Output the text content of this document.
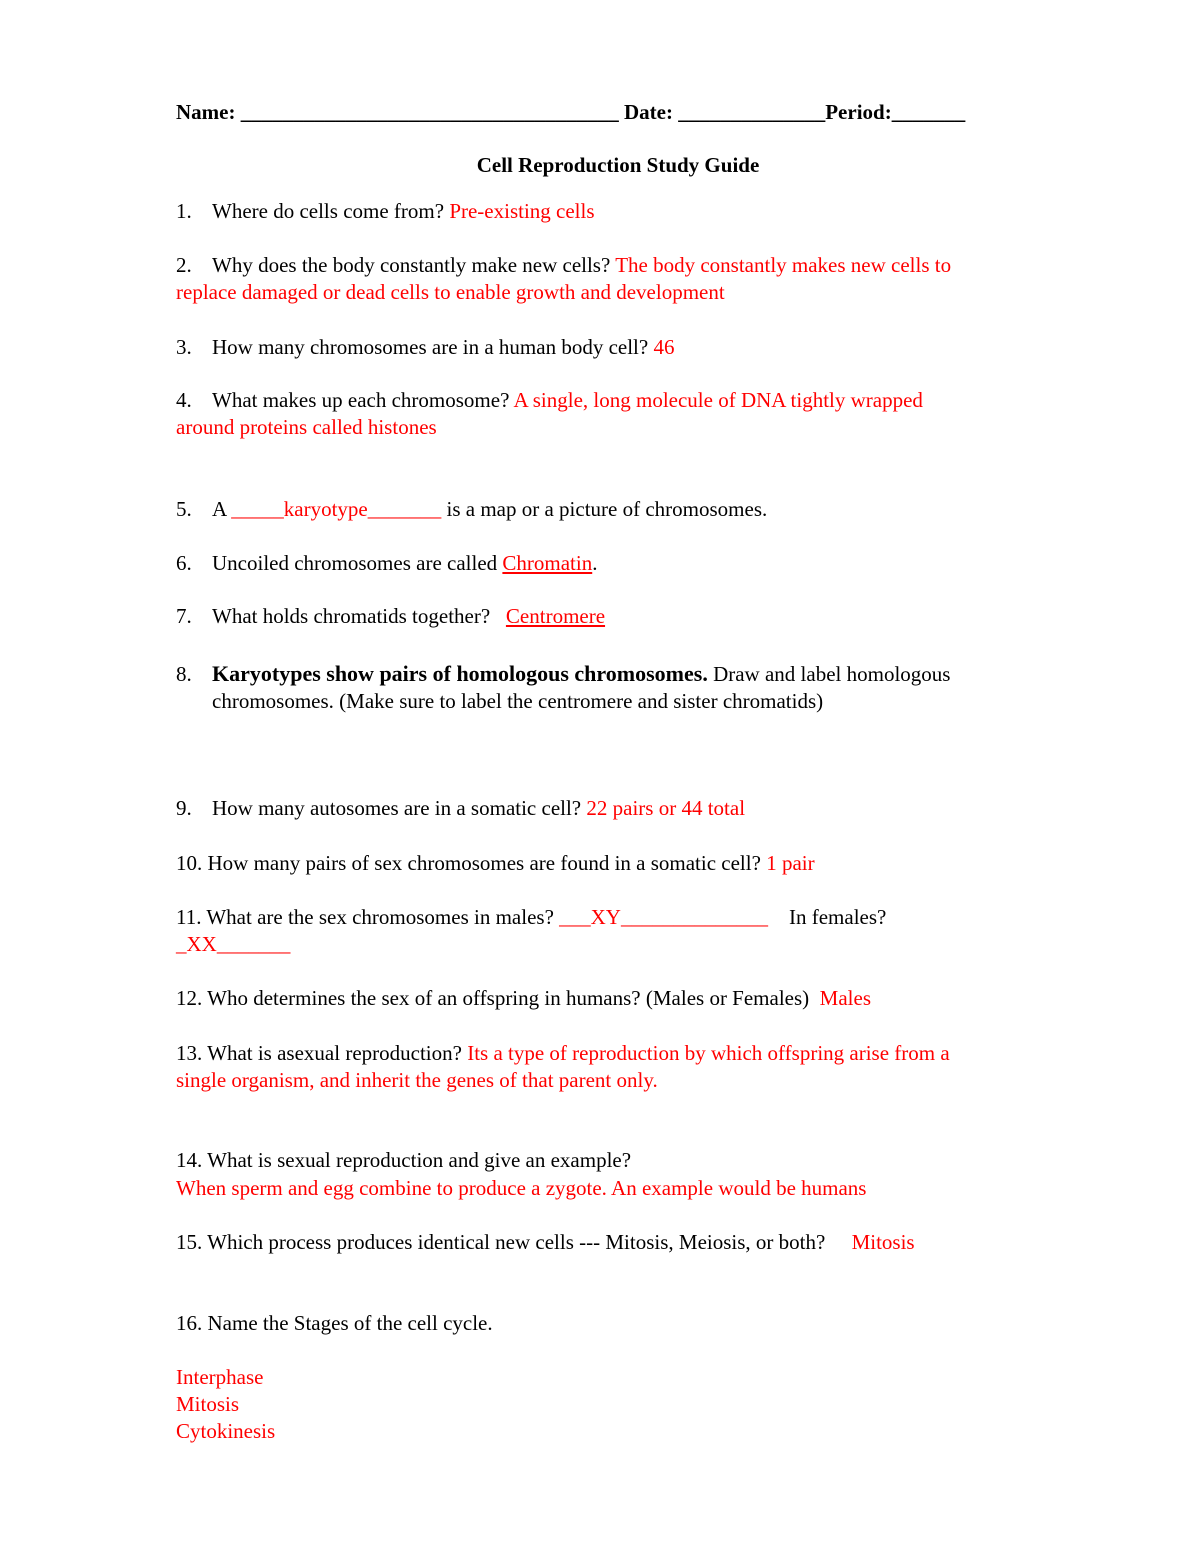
Name: ____________________________________ Date: ______________Period:_______
Cell Reproduction Study Guide
1. Where do cells come from? Pre-existing cells
2. Why does the body constantly make new cells? The body constantly makes new cells to
replace damaged or dead cells to enable growth and development
3. How many chromosomes are in a human body cell? 46
4. What makes up each chromosome? A single, long molecule of DNA tightly wrapped
around proteins called histones
5. A _____karyotype_______ is a map or a picture of chromosomes.
6. Uncoiled chromosomes are called Chromatin.
7. What holds chromatids together? Centromere
8. Karyotypes show pairs of homologous chromosomes. Draw and label homologous
chromosomes. (Make sure to label the centromere and sister chromatids)
9. How many autosomes are in a somatic cell? 22 pairs or 44 total
10. How many pairs of sex chromosomes are found in a somatic cell? 1 pair
11. What are the sex chromosomes in males? ___XY______________ In females?
_XX_______
12. Who determines the sex of an offspring in humans? (Males or Females) Males
13. What is asexual reproduction? Its a type of reproduction by which offspring arise from a
single organism, and inherit the genes of that parent only.
14. What is sexual reproduction and give an example?
When sperm and egg combine to produce a zygote. An example would be humans
15. Which process produces identical new cells --- Mitosis, Meiosis, or both? Mitosis
16. Name the Stages of the cell cycle.
Interphase
Mitosis
Cytokinesis
